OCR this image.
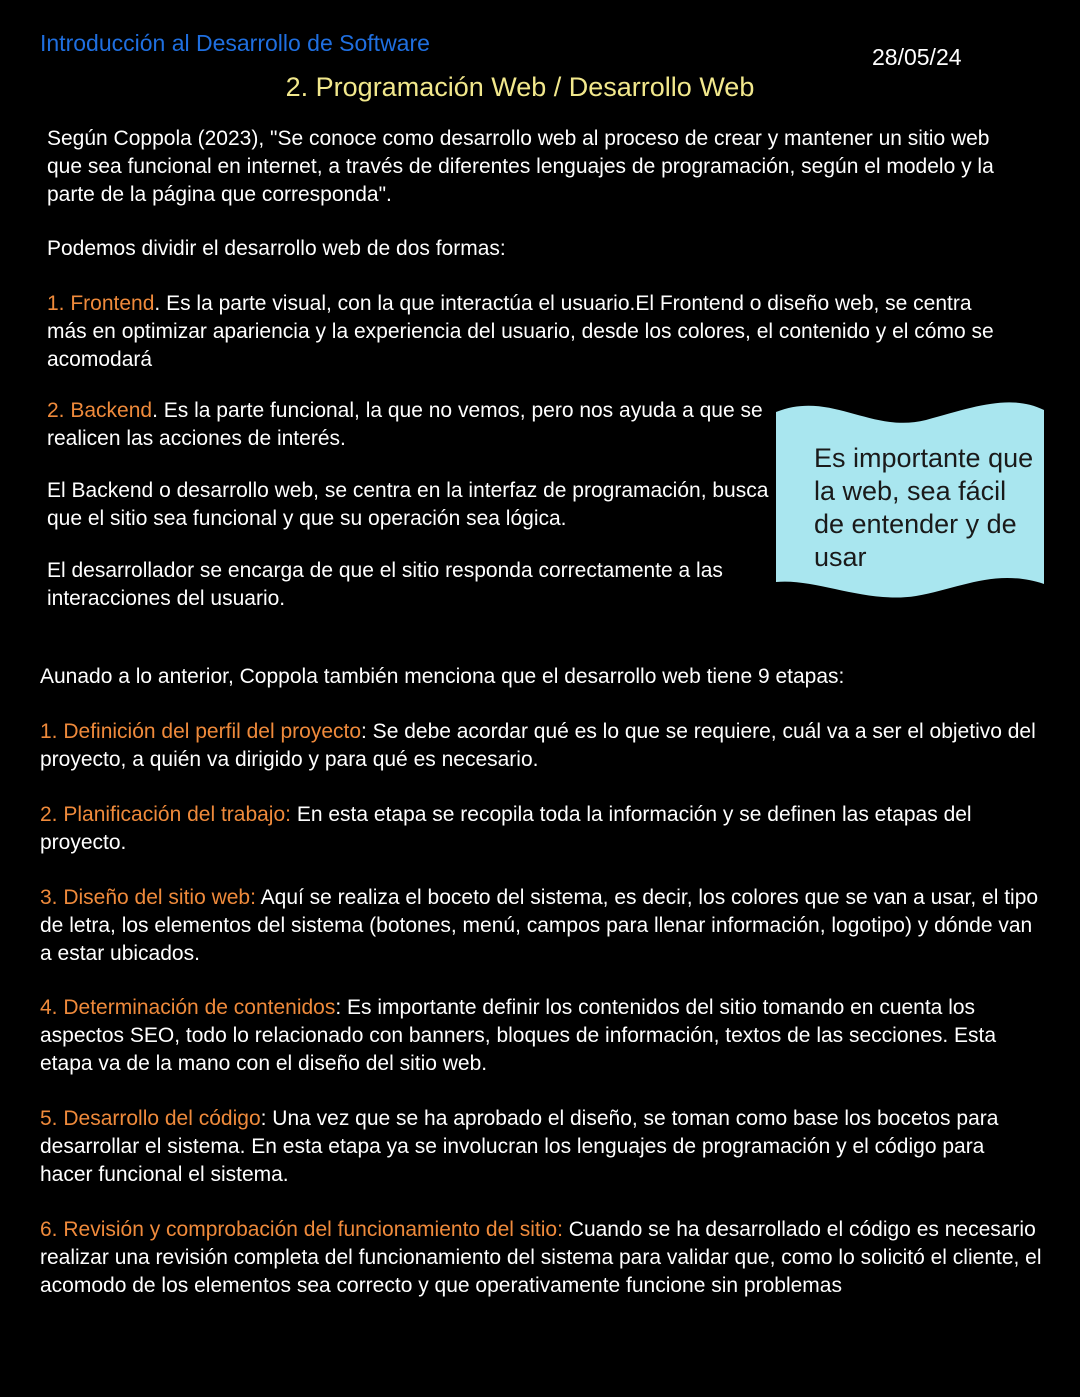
Introducción al Desarrollo de Software
28/05/24
2. Programación Web / Desarrollo Web

Según Coppola (2023), "Se conoce como desarrollo web al proceso de crear y mantener un sitio web que sea funcional en internet, a través de diferentes lenguajes de programación, según el modelo y la parte de la página que corresponda".

Podemos dividir el desarrollo web de dos formas:

1. Frontend. Es la parte visual, con la que interactúa el usuario.El Frontend o diseño web, se centra más en optimizar apariencia y la experiencia del usuario, desde los colores, el contenido y el cómo se acomodará

2. Backend. Es la parte funcional, la que no vemos, pero nos ayuda a que se realicen las acciones de interés.

El Backend o desarrollo web, se centra en la interfaz de programación, busca que el sitio sea funcional y que su operación sea lógica.

El desarrollador se encarga de que el sitio responda correctamente a las interacciones del usuario.

Es importante que la web, sea fácil de entender y de usar

Aunado a lo anterior, Coppola también menciona que el desarrollo web tiene 9 etapas:

1. Definición del perfil del proyecto: Se debe acordar qué es lo que se requiere, cuál va a ser el objetivo del proyecto, a quién va dirigido y para qué es necesario.

2. Planificación del trabajo: En esta etapa se recopila toda la información y se definen las etapas del proyecto.

3. Diseño del sitio web: Aquí se realiza el boceto del sistema, es decir, los colores que se van a usar, el tipo de letra, los elementos del sistema (botones, menú, campos para llenar información, logotipo) y dónde van a estar ubicados.

4. Determinación de contenidos: Es importante definir los contenidos del sitio tomando en cuenta los aspectos SEO, todo lo relacionado con banners, bloques de información, textos de las secciones. Esta etapa va de la mano con el diseño del sitio web.

5. Desarrollo del código: Una vez que se ha aprobado el diseño, se toman como base los bocetos para desarrollar el sistema. En esta etapa ya se involucran los lenguajes de programación y el código para hacer funcional el sistema.

6. Revisión y comprobación del funcionamiento del sitio: Cuando se ha desarrollado el código es necesario realizar una revisión completa del funcionamiento del sistema para validar que, como lo solicitó el cliente, el acomodo de los elementos sea correcto y que operativamente funcione sin problemas
